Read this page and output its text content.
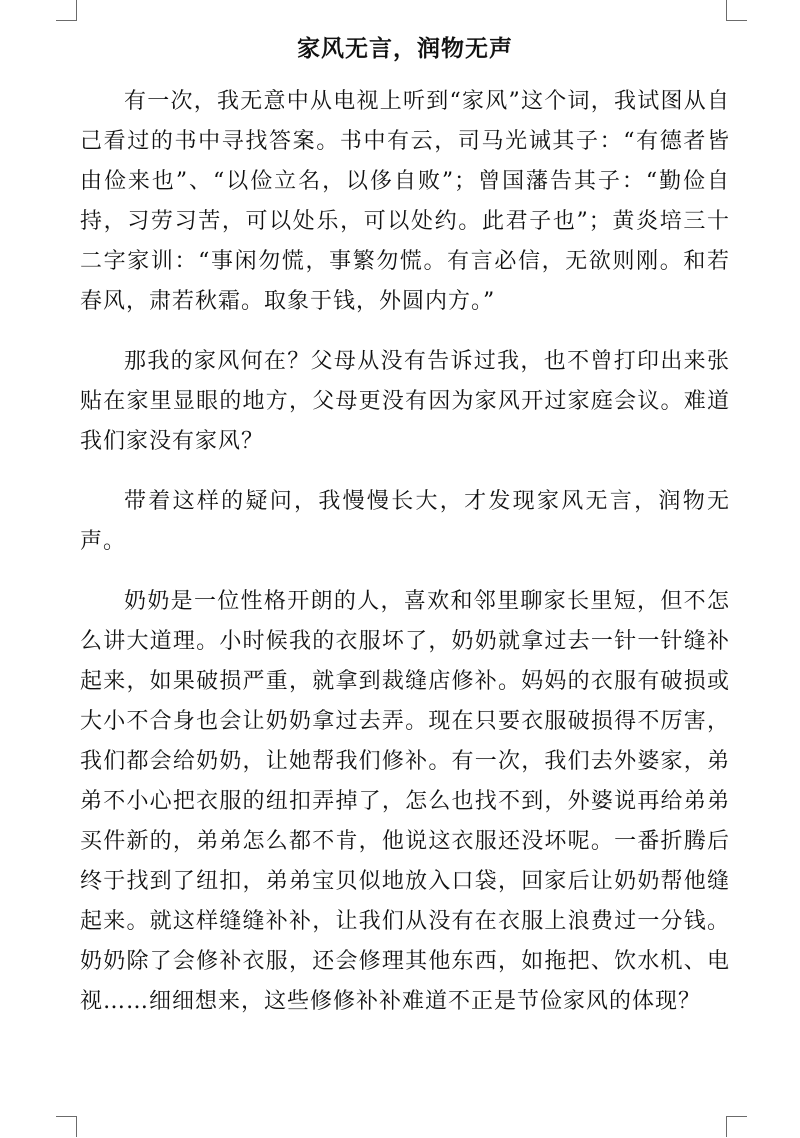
家风无言，润物无声

有一次，我无意中从电视上听到“家风”这个词，我试图从自己看过的书中寻找答案。书中有云，司马光诫其子：“有德者皆由俭来也”、“以俭立名，以侈自败”；曾国藩告其子：“勤俭自持，习劳习苦，可以处乐，可以处约。此君子也”；黄炎培三十二字家训：“事闲勿慌，事繁勿慌。有言必信，无欲则刚。和若春风，肃若秋霜。取象于钱，外圆内方。”

那我的家风何在？父母从没有告诉过我，也不曾打印出来张贴在家里显眼的地方，父母更没有因为家风开过家庭会议。难道我们家没有家风？

带着这样的疑问，我慢慢长大，才发现家风无言，润物无声。

奶奶是一位性格开朗的人，喜欢和邻里聊家长里短，但不怎么讲大道理。小时候我的衣服坏了，奶奶就拿过去一针一针缝补起来，如果破损严重，就拿到裁缝店修补。妈妈的衣服有破损或大小不合身也会让奶奶拿过去弄。现在只要衣服破损得不厉害，我们都会给奶奶，让她帮我们修补。有一次，我们去外婆家，弟弟不小心把衣服的纽扣弄掉了，怎么也找不到，外婆说再给弟弟买件新的，弟弟怎么都不肯，他说这衣服还没坏呢。一番折腾后终于找到了纽扣，弟弟宝贝似地放入口袋，回家后让奶奶帮他缝起来。就这样缝缝补补，让我们从没有在衣服上浪费过一分钱。奶奶除了会修补衣服，还会修理其他东西，如拖把、饮水机、电视……细细想来，这些修修补补难道不正是节俭家风的体现？
